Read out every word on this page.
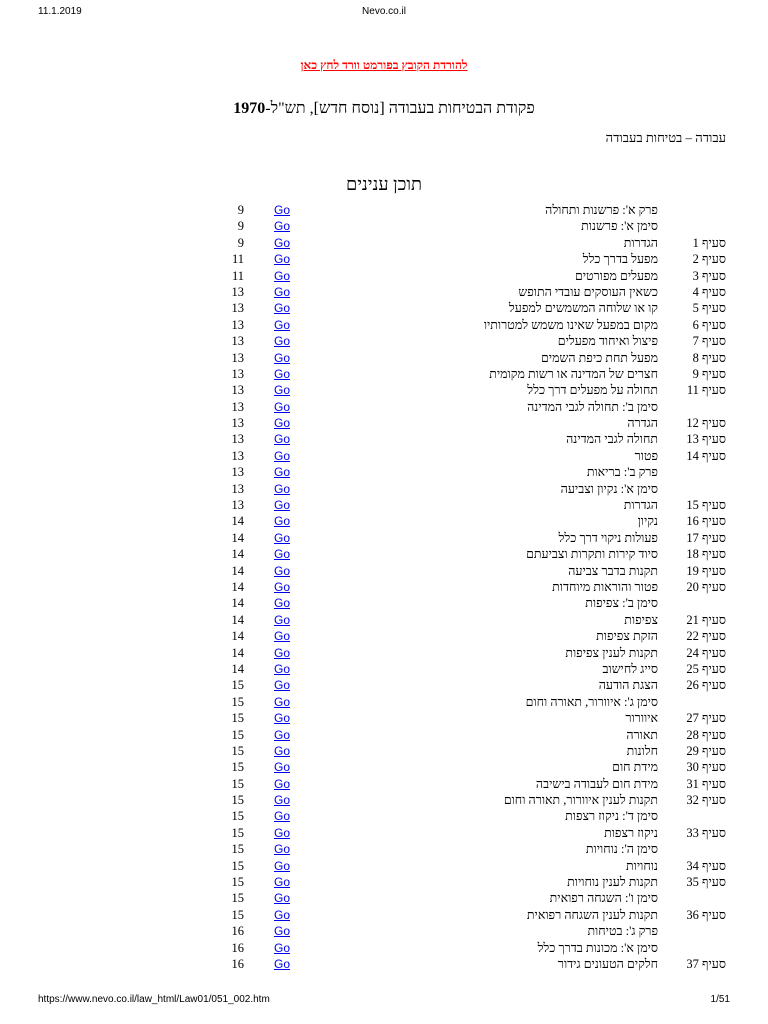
11.1.2019	Nevo.co.il
להורדת הקובץ בפורמט וורד לחץ כאן
פקודת הבטיחות בעבודה [נוסח חדש], תש"ל-1970
עבודה – בטיחות בעבודה
תוכן ענינים
9	Go	פרק א': פרשנות ותחולה
9	Go	סימן א': פרשנות
9	Go	הגדרות	סעיף 1
11	Go	מפעל בדרך כלל	סעיף 2
11	Go	מפעלים מפורטים	סעיף 3
13	Go	כשאין העוסקים עובדי התופש	סעיף 4
13	Go	קו או שלוחה המשמשים למפעל	סעיף 5
13	Go	מקום במפעל שאינו משמש למטרותיו	סעיף 6
13	Go	פיצול ואיחוד מפעלים	סעיף 7
13	Go	מפעל תחת כיפת השמים	סעיף 8
13	Go	חצרים של המדינה או רשות מקומית	סעיף 9
13	Go	תחולה על מפעלים דרך כלל	סעיף 11
13	Go	סימן ב': תחולה לגבי המדינה
13	Go	הגדרה	סעיף 12
13	Go	תחולה לגבי המדינה	סעיף 13
13	Go	פטור	סעיף 14
13	Go	פרק ב': בריאות
13	Go	סימן א': נקיון וצביעה
13	Go	הגדרות	סעיף 15
14	Go	נקיון	סעיף 16
14	Go	פעולות ניקוי דרך כלל	סעיף 17
14	Go	סיוד קירות ותקרות וצביעתם	סעיף 18
14	Go	תקנות בדבר צביעה	סעיף 19
14	Go	פטור והוראות מיוחדות	סעיף 20
14	Go	סימן ב': צפיפות
14	Go	צפיפות	סעיף 21
14	Go	הזקת צפיפות	סעיף 22
14	Go	תקנות לענין צפיפות	סעיף 24
14	Go	סייג לחישוב	סעיף 25
15	Go	הצגת הודעה	סעיף 26
15	Go	סימן ג': איוורור, תאורה וחום
15	Go	איוורור	סעיף 27
15	Go	תאורה	סעיף 28
15	Go	חלונות	סעיף 29
15	Go	מידת חום	סעיף 30
15	Go	מידת חום לעבודה בישיבה	סעיף 31
15	Go	תקנות לענין איוורור, תאורה וחום	סעיף 32
15	Go	סימן ד': ניקוז רצפות
15	Go	ניקוז רצפות	סעיף 33
15	Go	סימן ה': נוחויות
15	Go	נוחויות	סעיף 34
15	Go	תקנות לענין נוחויות	סעיף 35
15	Go	סימן ו': השגחה רפואית
15	Go	תקנות לענין השגחה רפואית	סעיף 36
16	Go	פרק ג': בטיחות
16	Go	סימן א': מכונות בדרך כלל
16	Go	חלקים הטעונים גידור	סעיף 37
https://www.nevo.co.il/law_html/Law01/051_002.htm	1/51
